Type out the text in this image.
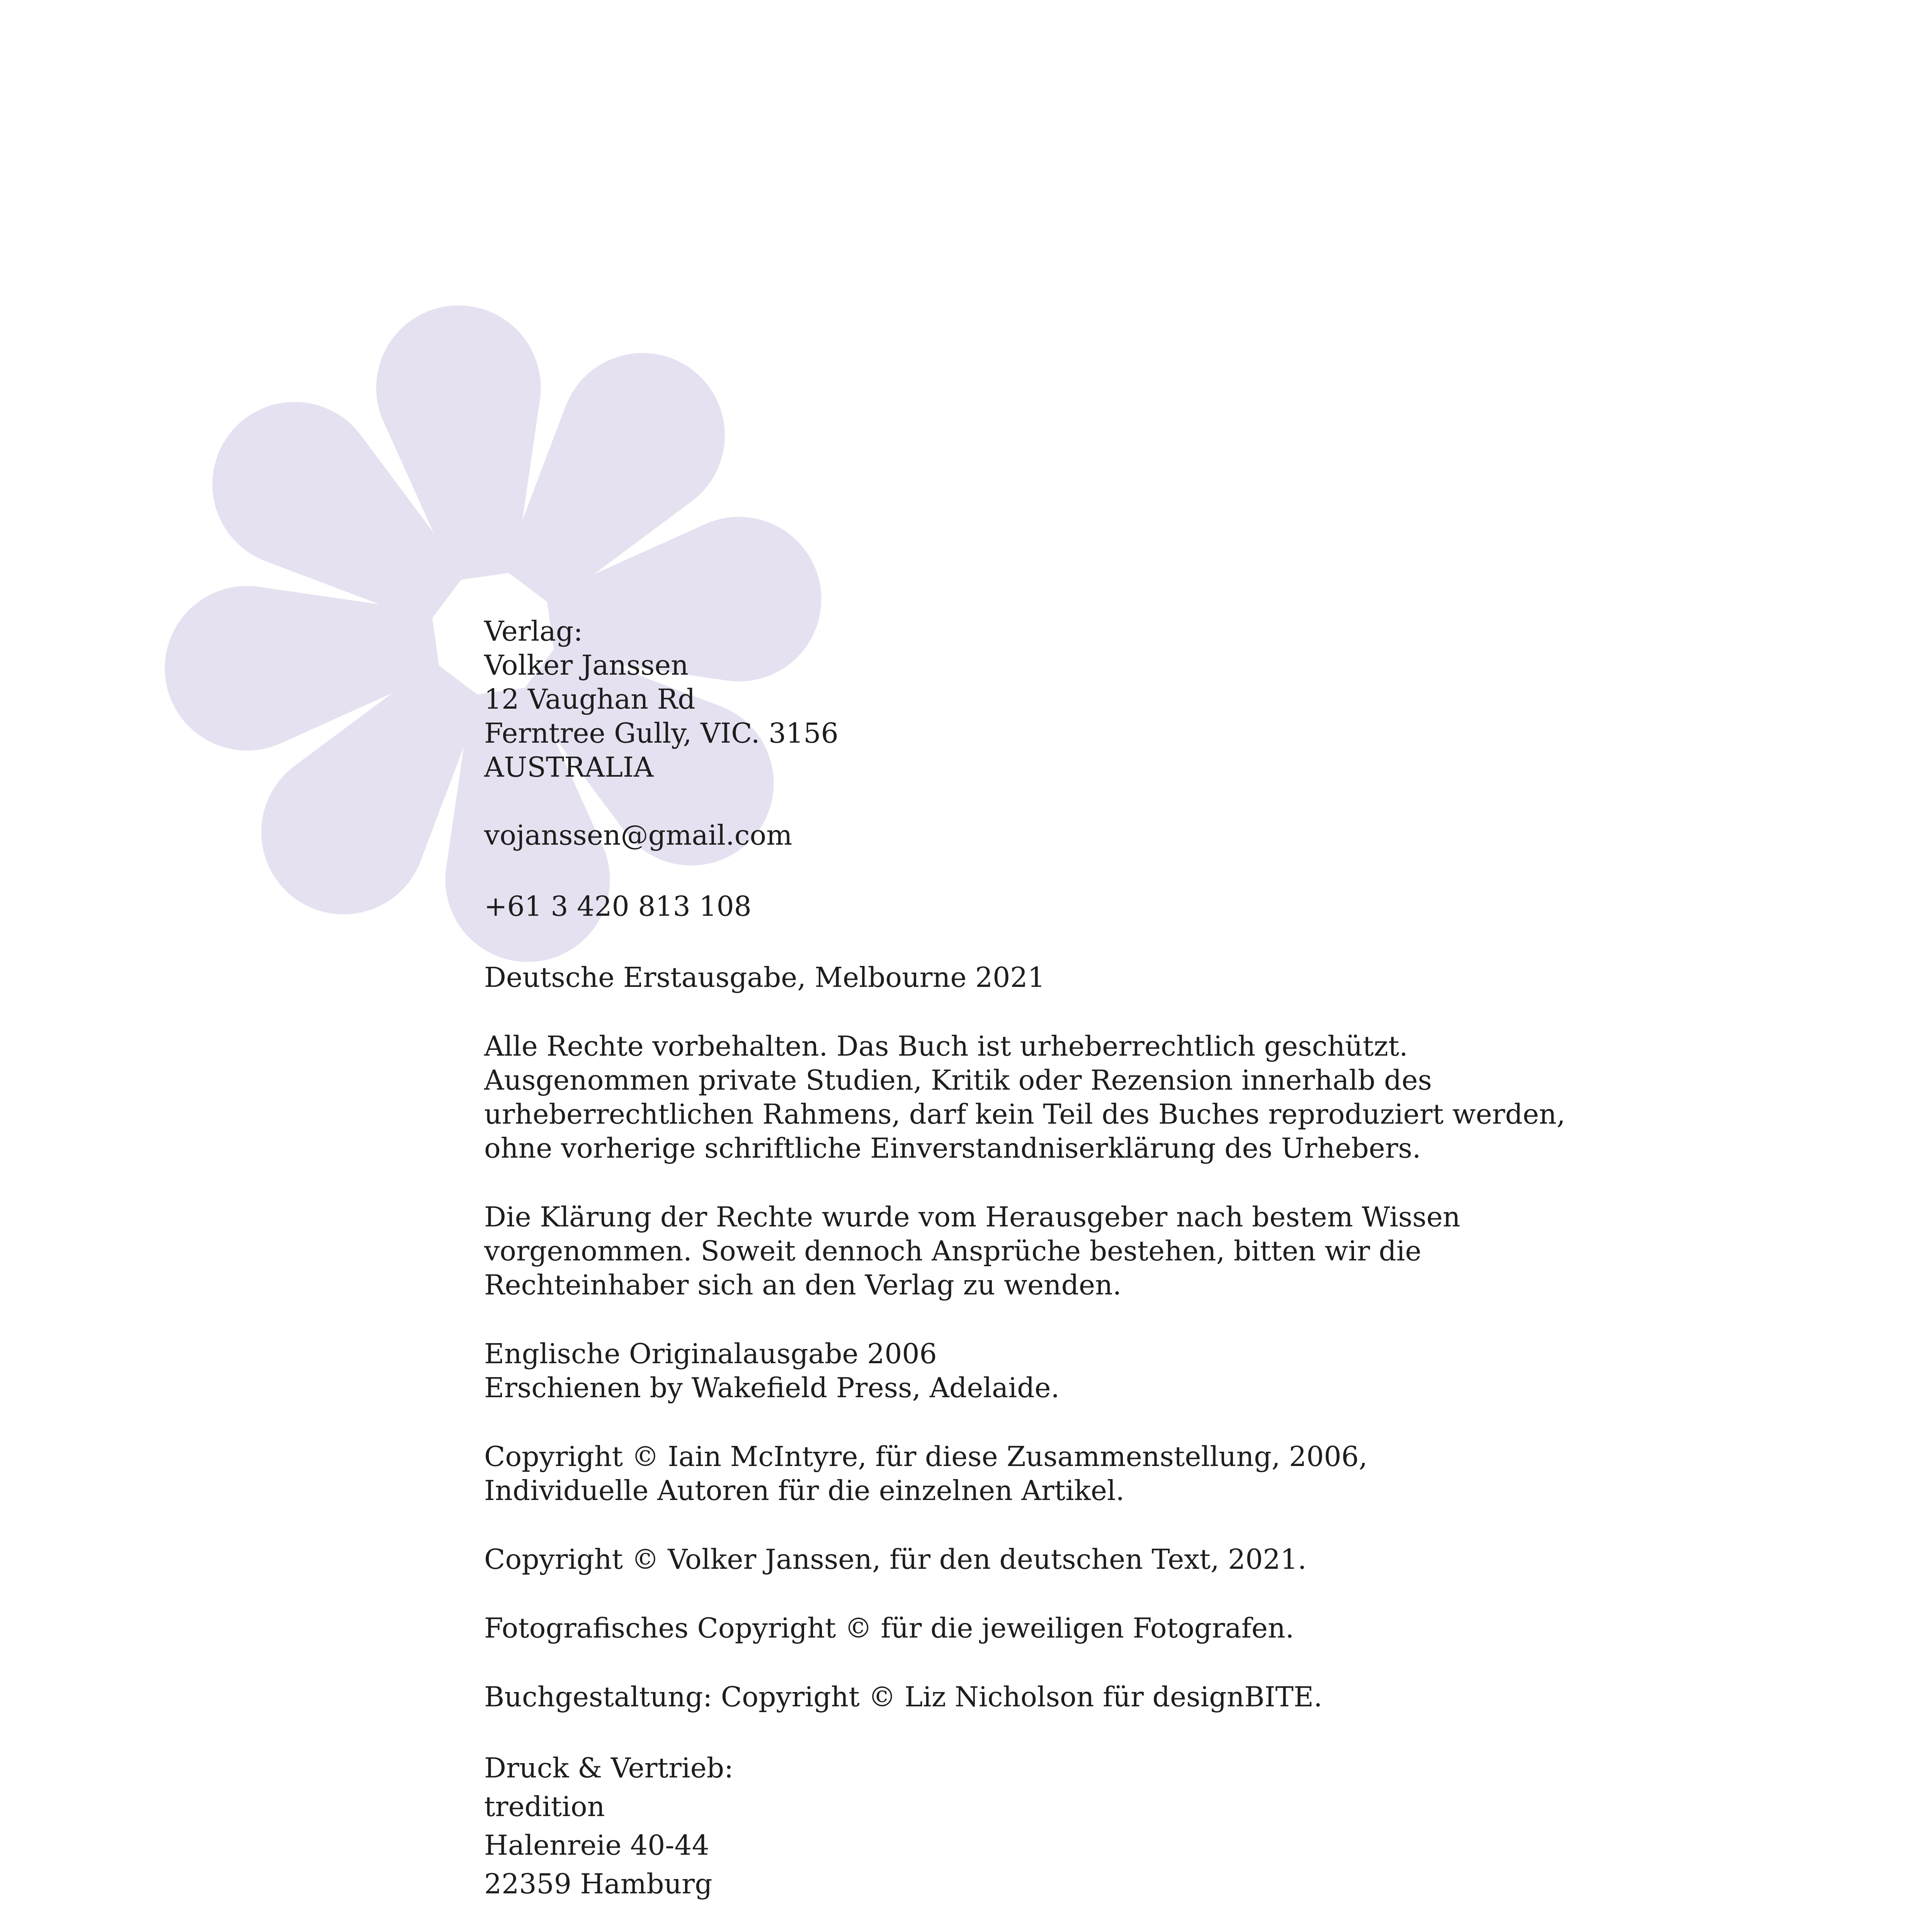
Verlag:

Volker Janssen

12 Vaughan Rd

Ferntree Gully, VIC. 3156

AUSTRALIA

vojanssen@gmail.com

+61 3 420 813 108

Deutsche Erstausgabe, Melbourne 2021

Alle Rechte vorbehalten. Das Buch ist urheberrechtlich geschützt.

Ausgenommen private Studien, Kritik oder Rezension innerhalb des

urheberrechtlichen Rahmens, darf kein Teil des Buches reproduziert werden,

ohne vorherige schriftliche Einverstandniserklärung des Urhebers.

Die Klärung der Rechte wurde vom Herausgeber nach bestem Wissen

vorgenommen. Soweit dennoch Ansprüche bestehen, bitten wir die

Rechteinhaber sich an den Verlag zu wenden.

Englische Originalausgabe 2006

Erschienen by Wakefield Press, Adelaide.

Copyright © Iain McIntyre, für diese Zusammenstellung, 2006,

Individuelle Autoren für die einzelnen Artikel.

Copyright © Volker Janssen, für den deutschen Text, 2021.

Fotografisches Copyright © für die jeweiligen Fotografen.

Buchgestaltung: Copyright © Liz Nicholson für designBITE.

Druck & Vertrieb:

tredition

Halenreie 40-44

22359 Hamburg
